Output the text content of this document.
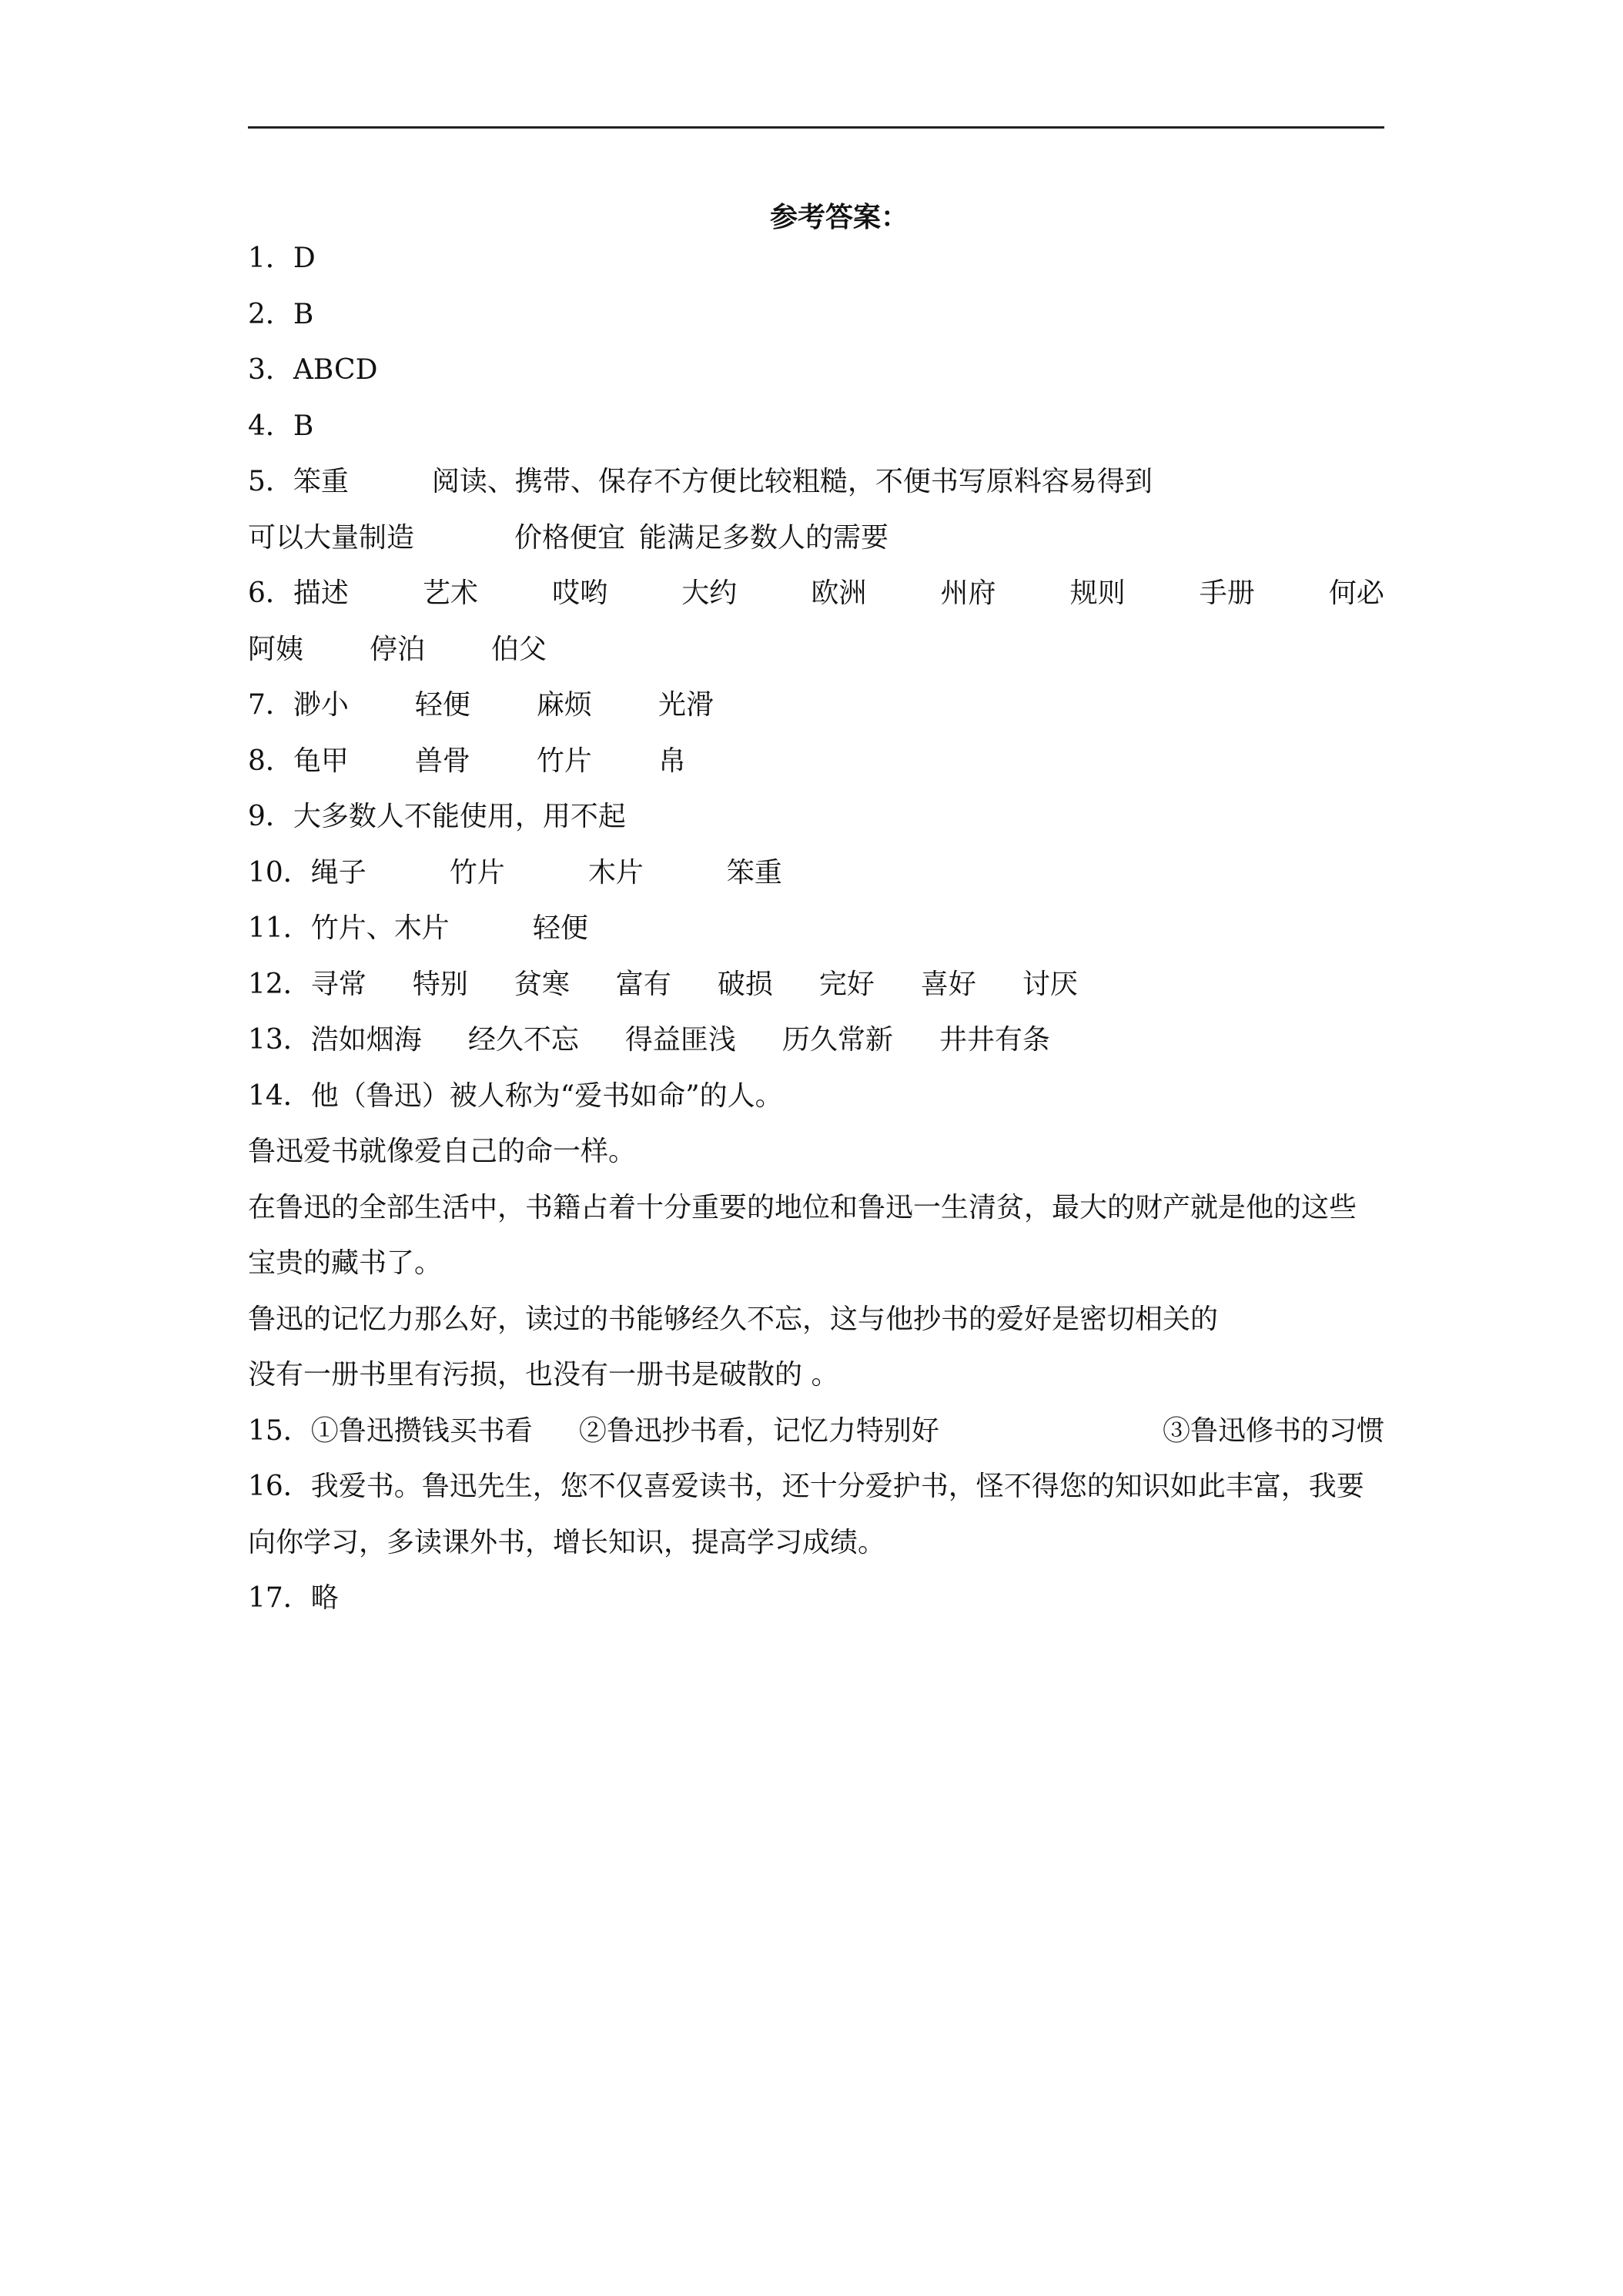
参考答案：
1．D
2．B
3．ABCD
4．B
5．笨重	阅读、携带、保存不方便比较粗糙，不便书写原料容易得到
可以大量制造	价格便宜 能满足多数人的需要
6．描述	艺术	哎哟	大约	欧洲	州府	规则	手册	何必
阿姨 停泊 伯父
7．渺小 轻便 麻烦 光滑
8．龟甲 兽骨 竹片 帛
9．大多数人不能使用，用不起
10．绳子	竹片	木片	笨重
11．竹片、木片	轻便
12．寻常 特别 贫寒 富有 破损 完好 喜好 讨厌
13．浩如烟海 经久不忘 得益匪浅 历久常新 井井有条
14．他（鲁迅）被人称为“爱书如命”的人。
鲁迅爱书就像爱自己的命一样。
在鲁迅的全部生活中，书籍占着十分重要的地位和鲁迅一生清贫，最大的财产就是他的这些
宝贵的藏书了。
鲁迅的记忆力那么好，读过的书能够经久不忘，这与他抄书的爱好是密切相关的
没有一册书里有污损，也没有一册书是破散的 。
15．①鲁迅攒钱买书看 ②鲁迅抄书看，记忆力特别好	③鲁迅修书的习惯
16．我爱书。鲁迅先生，您不仅喜爱读书，还十分爱护书，怪不得您的知识如此丰富，我要
向你学习，多读课外书，增长知识，提高学习成绩。
17．略
